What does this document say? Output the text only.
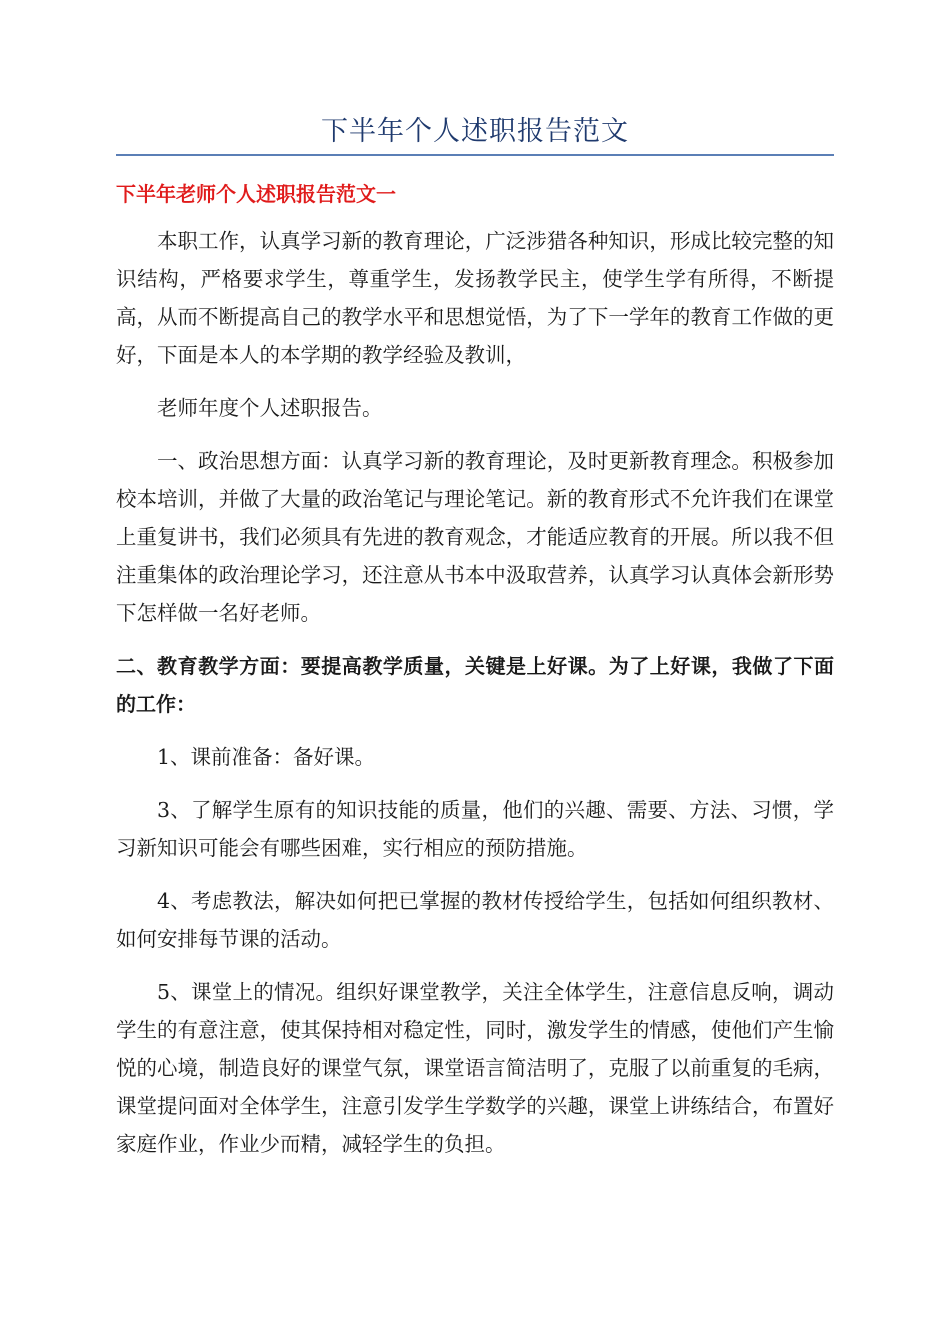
下半年个人述职报告范文
下半年老师个人述职报告范文一

本职工作，认真学习新的教育理论，广泛涉猎各种知识，形成比较完整的知识结构，严格要求学生，尊重学生，发扬教学民主，使学生学有所得，不断提高，从而不断提高自己的教学水平和思想觉悟，为了下一学年的教育工作做的更好，下面是本人的本学期的教学经验及教训，

老师年度个人述职报告。

一、政治思想方面：认真学习新的教育理论，及时更新教育理念。积极参加校本培训，并做了大量的政治笔记与理论笔记。新的教育形式不允许我们在课堂上重复讲书，我们必须具有先进的教育观念，才能适应教育的开展。所以我不但注重集体的政治理论学习，还注意从书本中汲取营养，认真学习认真体会新形势下怎样做一名好老师。

二、教育教学方面：要提高教学质量，关键是上好课。为了上好课，我做了下面的工作：

1、课前准备：备好课。

3、了解学生原有的知识技能的质量，他们的兴趣、需要、方法、习惯，学习新知识可能会有哪些困难，实行相应的预防措施。

4、考虑教法，解决如何把已掌握的教材传授给学生，包括如何组织教材、如何安排每节课的活动。

5、课堂上的情况。组织好课堂教学，关注全体学生，注意信息反响，调动学生的有意注意，使其保持相对稳定性，同时，激发学生的情感，使他们产生愉悦的心境，制造良好的课堂气氛，课堂语言简洁明了，克服了以前重复的毛病，课堂提问面对全体学生，注意引发学生学数学的兴趣，课堂上讲练结合，布置好家庭作业，作业少而精，减轻学生的负担。
